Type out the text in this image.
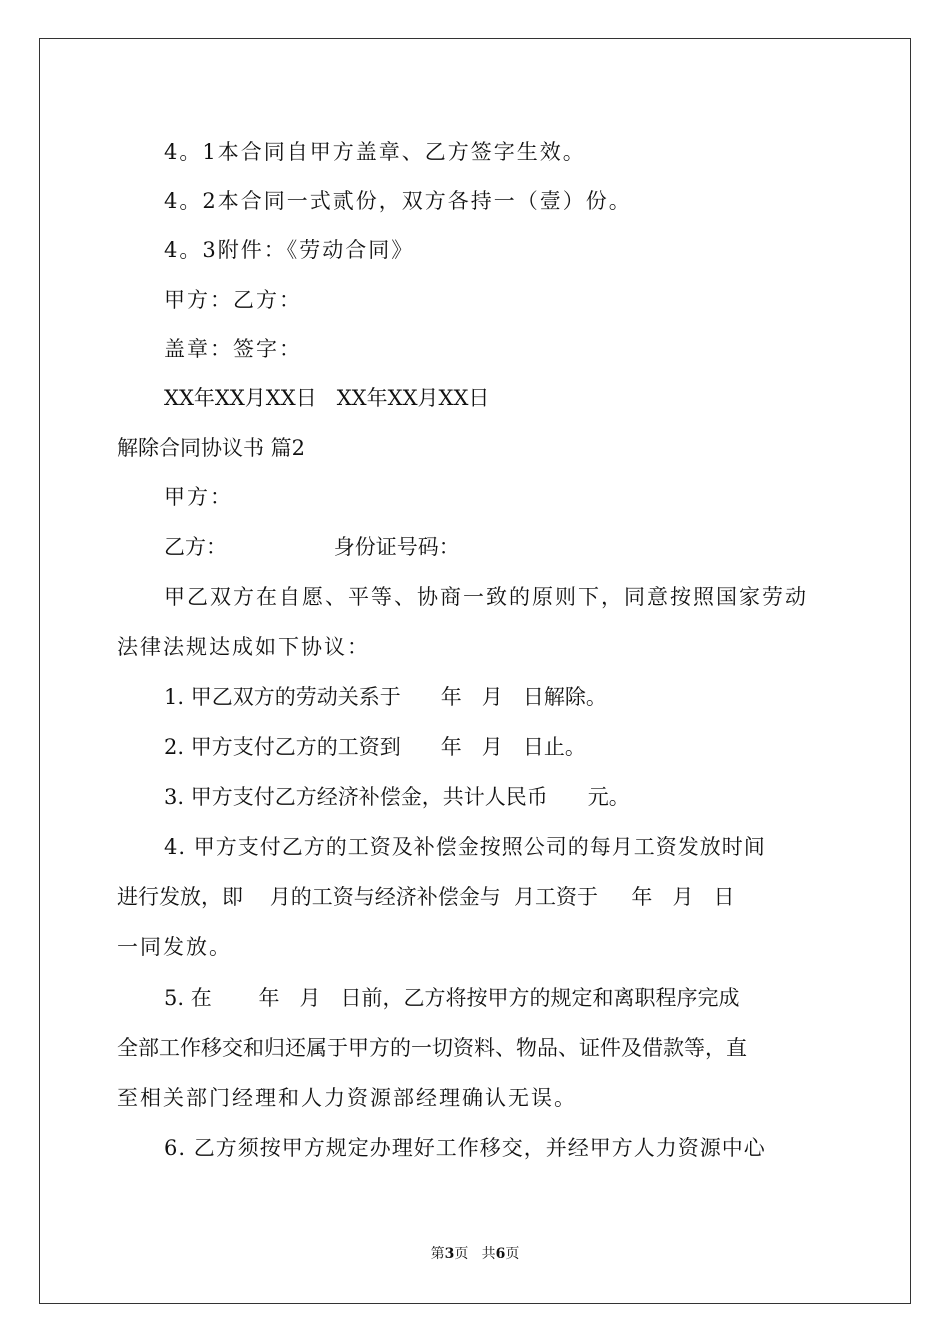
4。1本合同自甲方盖章、乙方签字生效。
4。2本合同一式贰份，双方各持一（壹）份。
4。3附件：《劳动合同》
甲方：乙方：
盖章：签字：
XX年XX月XX日   XX年XX月XX日
解除合同协议书 篇2
甲方：
乙方：                身份证号码：
甲乙双方在自愿、平等、协商一致的原则下，同意按照国家劳动
法律法规达成如下协议：
1. 甲乙双方的劳动关系于      年   月   日解除。
2. 甲方支付乙方的工资到      年   月   日止。
3. 甲方支付乙方经济补偿金，共计人民币      元。
4. 甲方支付乙方的工资及补偿金按照公司的每月工资发放时间
进行发放，即    月的工资与经济补偿金与  月工资于     年   月   日
一同发放。
5. 在       年   月   日前，乙方将按甲方的规定和离职程序完成
全部工作移交和归还属于甲方的一切资料、物品、证件及借款等，直
至相关部门经理和人力资源部经理确认无误。
6. 乙方须按甲方规定办理好工作移交，并经甲方人力资源中心
第3页   共6页
